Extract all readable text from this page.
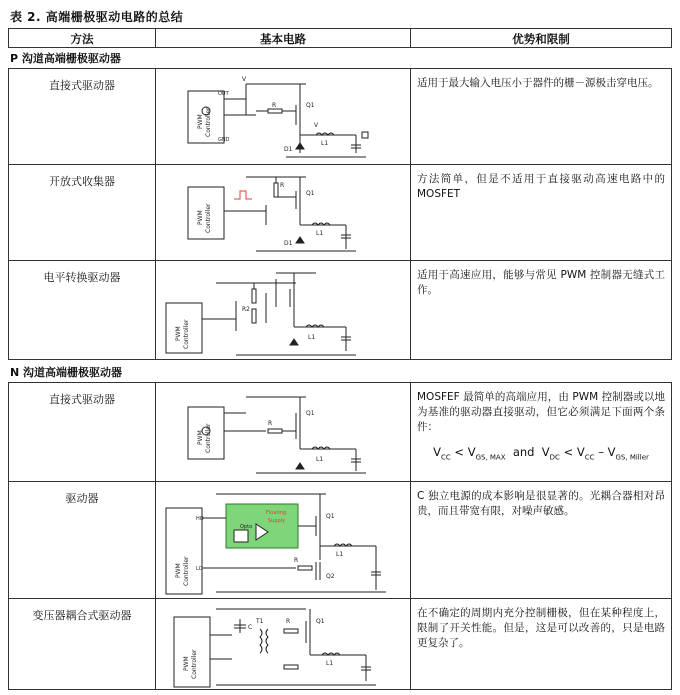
表 2. 高端栅极驱动电路的总结
方法	基本电路	优势和限制
P 沟道高端栅极驱动器
直接式驱动器
PWM Controller
V
OUT
GND
R	Q1
V
L1
D1
适用于最大输入电压小于器件的栅－源极击穿电压。
开放式收集器
PWM Controller
R
Q1
L1
D1
方法简单，但是不适用于直接驱动高速电路中的 MOSFET
电平转换驱动器
PWM Controller
R2
L1
适用于高速应用，能够与常见 PWM 控制器无缝式工作。
N 沟道高端栅极驱动器
直接式驱动器
PWM Controller	R
Q1
L1
MOSFEF 最简单的高端应用，由 PWM 控制器或以地为基准的驱动器直接驱动，但它必须满足下面两个条件：
$V_{CC} < V_{GS, MAX}$ and $V_{DC} < V_{CC} - V_{GS, Miller}$
驱动器
PWM Controller
HO
LO
Floating
Supply
Opto
Q1
L1
R
Q2
C 独立电源的成本影响是很显著的。光耦合器相对昂贵，而且带宽有限，对噪声敏感。
变压器耦合式驱动器
PWM Controller
C
T1	R	Q1
L1
在不确定的周期内充分控制栅极，但在某种程度上，限制了开关性能。但是，这是可以改善的，只是电路更复杂了。
